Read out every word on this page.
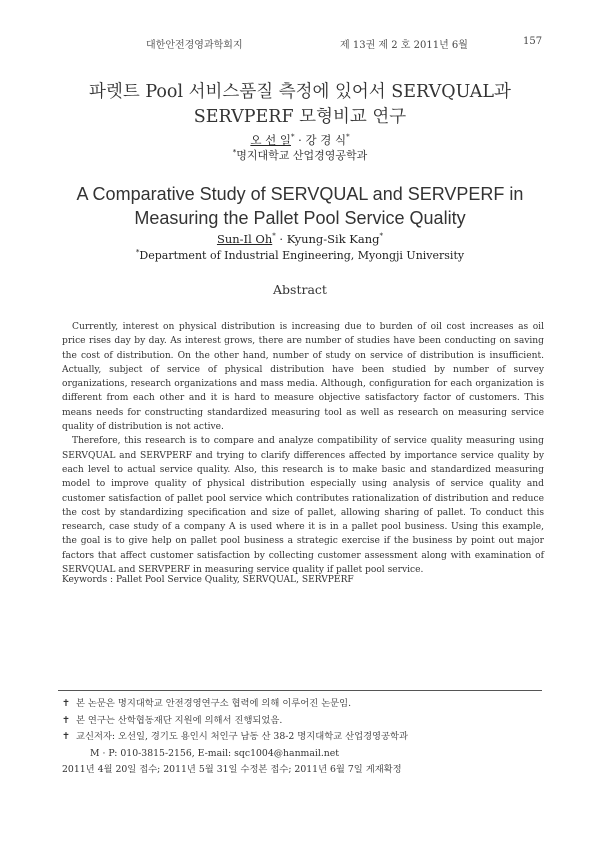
대한안전경영과학회지	제 13권 제 2 호 2011년 6월	157
파렛트 Pool 서비스품질 측정에 있어서 SERVQUAL과
SERVPERF 모형비교 연구
오 선 일* · 강 경 식*
*명지대학교 산업경영공학과
A Comparative Study of SERVQUAL and SERVPERF in
Measuring the Pallet Pool Service Quality
Sun-Il Oh* · Kyung-Sik Kang*
*Department of Industrial Engineering, Myongji University
Abstract

Currently, interest on physical distribution is increasing due to burden of oil cost increases as oil price rises day by day. As interest grows, there are number of studies have been conducting on saving the cost of distribution. On the other hand, number of study on service of distribution is insufficient. Actually, subject of service of physical distribution have been studied by number of survey organizations, research organizations and mass media. Although, configuration for each organization is different from each other and it is hard to measure objective satisfactory factor of customers. This means needs for constructing standardized measuring tool as well as research on measuring service quality of distribution is not active.

Therefore, this research is to compare and analyze compatibility of service quality measuring using SERVQUAL and SERVPERF and trying to clarify differences affected by importance service quality by each level to actual service quality. Also, this research is to make basic and standardized measuring model to improve quality of physical distribution especially using analysis of service quality and customer satisfaction of pallet pool service which contributes rationalization of distribution and reduce the cost by standardizing specification and size of pallet, allowing sharing of pallet. To conduct this research, case study of a company A is used where it is in a pallet pool business. Using this example, the goal is to give help on pallet pool business a strategic exercise if the business by point out major factors that affect customer satisfaction by collecting customer assessment along with examination of SERVQUAL and SERVPERF in measuring service quality if pallet pool service.

Keywords : Pallet Pool Service Quality, SERVQUAL, SERVPERF
✝ 본 논문은 명지대학교 안전경영연구소 협력에 의해 이루어진 논문임.
✝ 본 연구는 산학협동재단 지원에 의해서 진행되었음.
✝ 교신저자: 오선일, 경기도 용인시 처인구 남동 산 38-2 명지대학교 산업경영공학과
M · P: 010-3815-2156, E-mail: sqc1004@hanmail.net
2011년 4월 20일 접수; 2011년 5월 31일 수정본 접수; 2011년 6월 7일 게재확정
